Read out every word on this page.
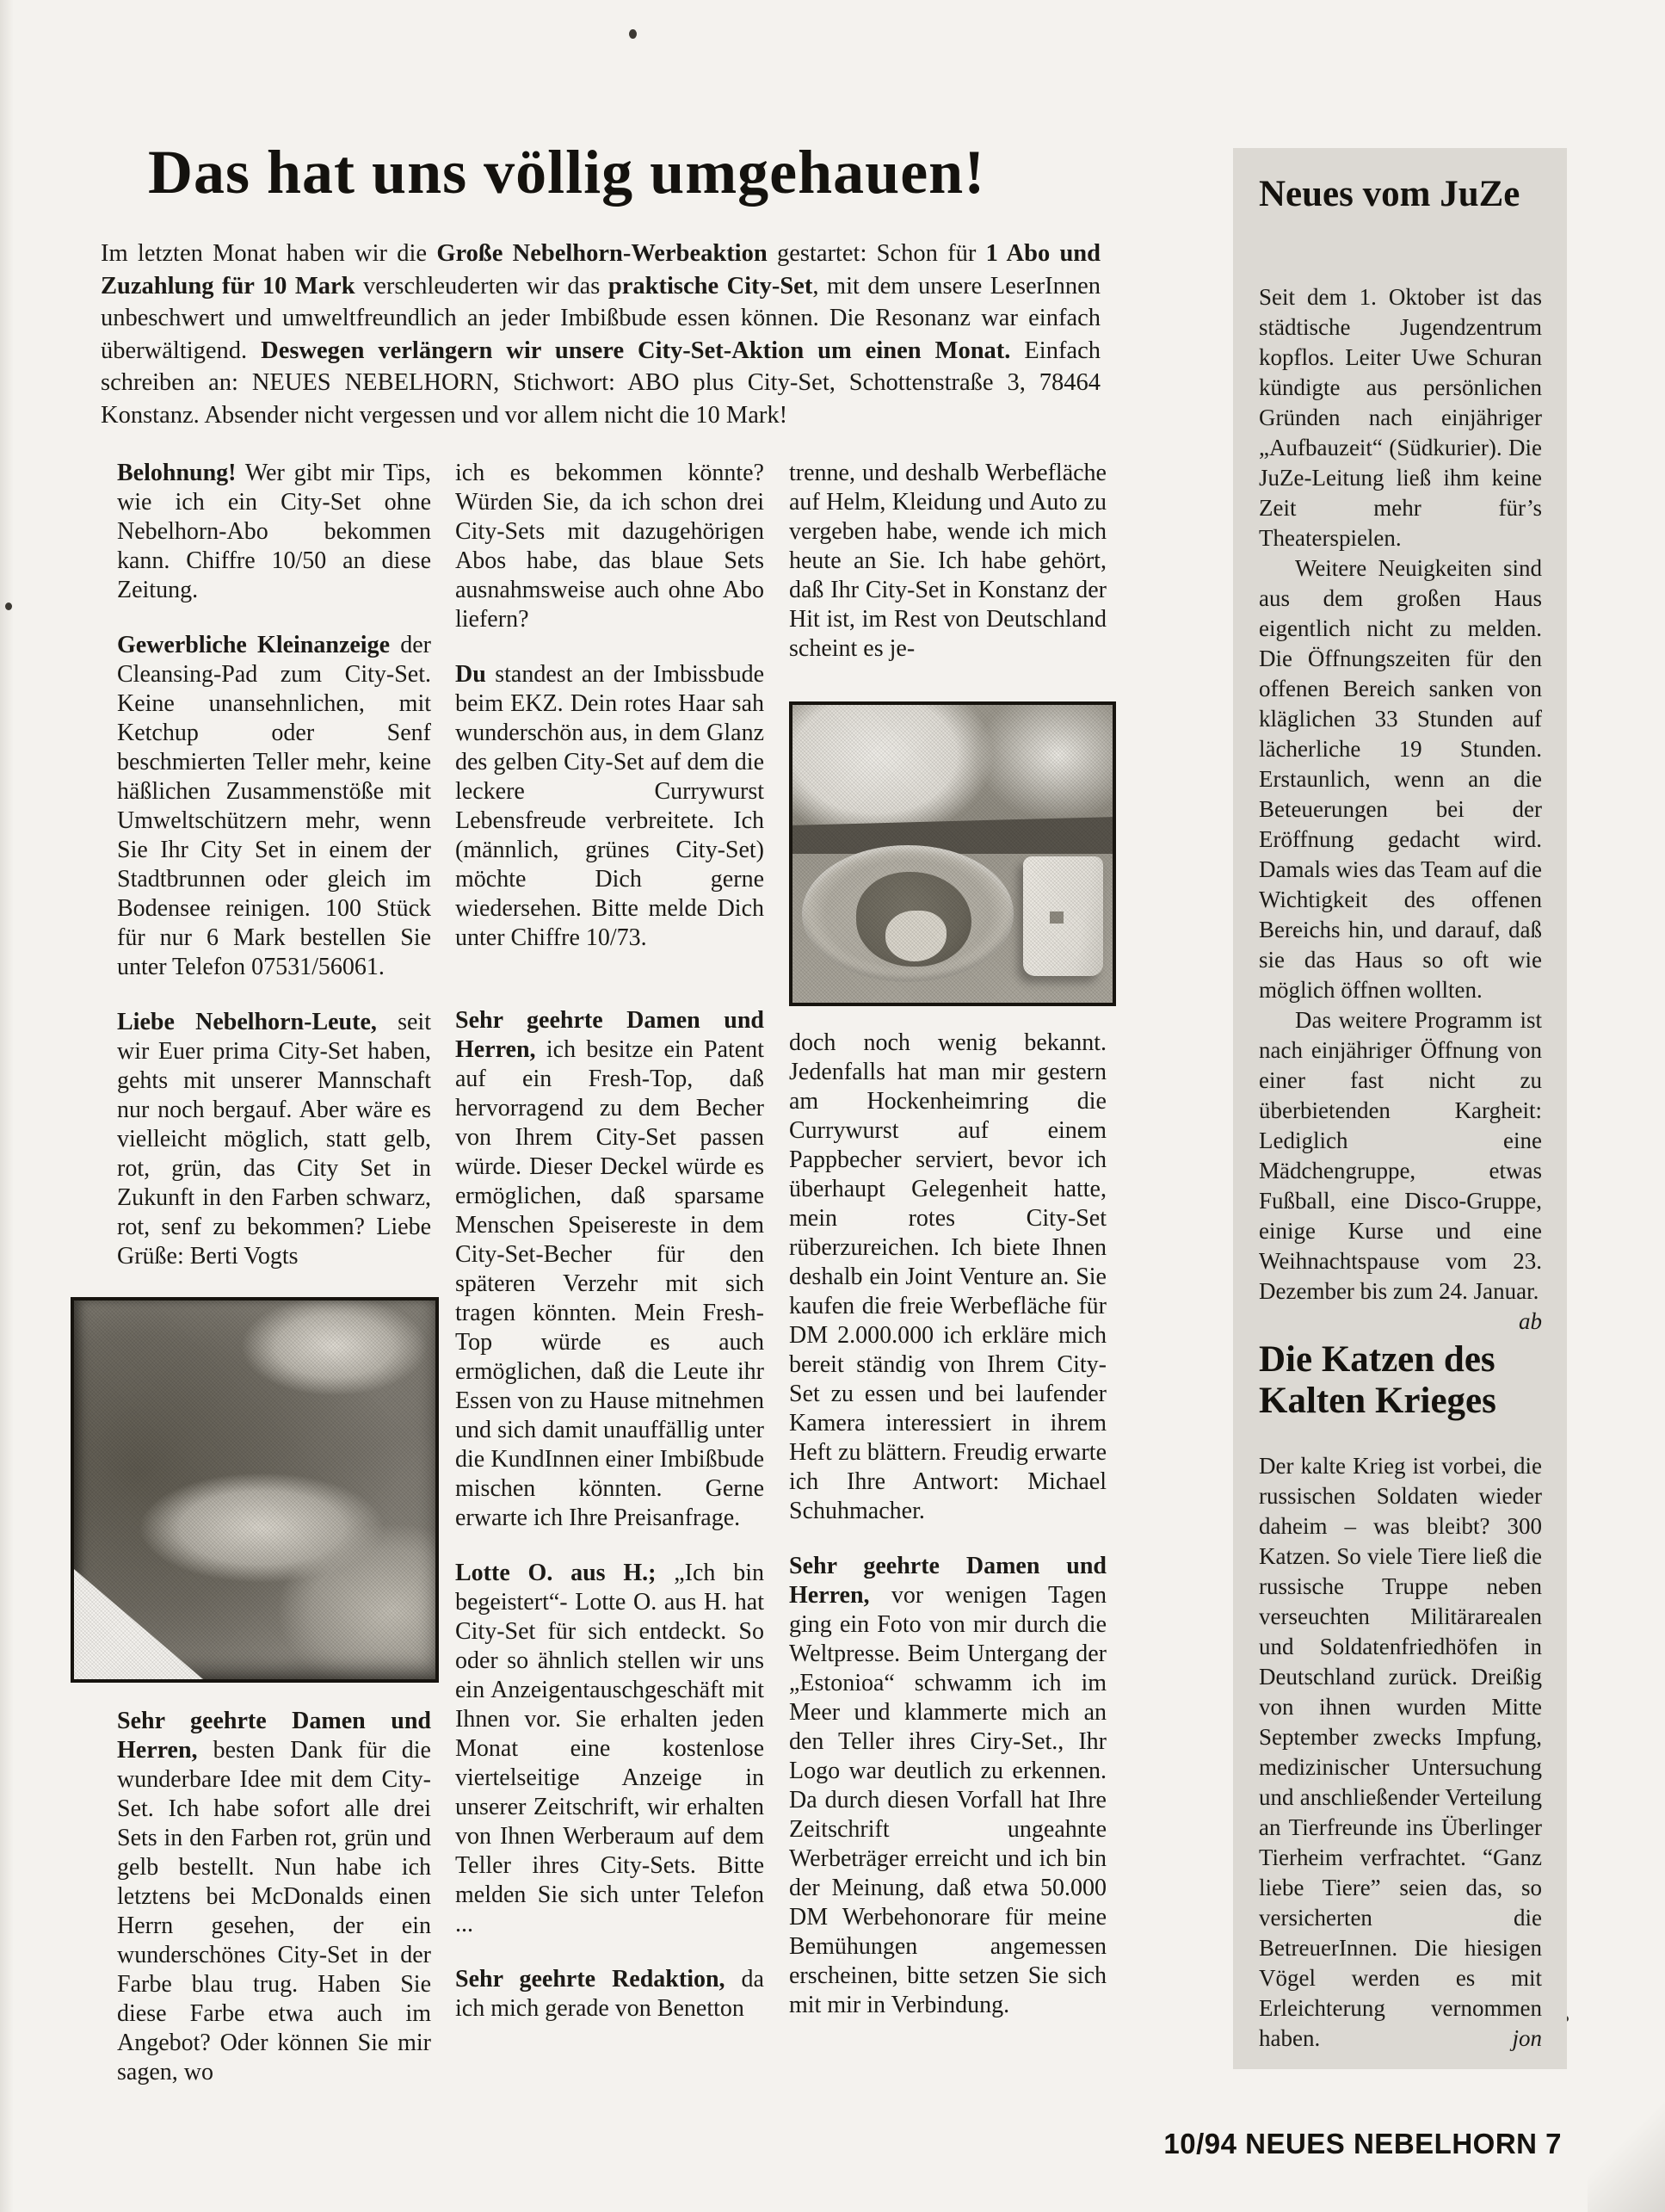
Das hat uns völlig umgehauen!

Im letzten Monat haben wir die Große Nebelhorn-Werbeaktion gestartet: Schon für 1 Abo und Zuzahlung für 10 Mark verschleuderten wir das praktische City-Set, mit dem unsere LeserInnen unbeschwert und umweltfreundlich an jeder Imbißbude essen können. Die Resonanz war einfach überwältigend. Deswegen verlängern wir unsere City-Set-Aktion um einen Monat. Einfach schreiben an: NEUES NEBELHORN, Stichwort: ABO plus City-Set, Schottenstraße 3, 78464 Konstanz. Absender nicht vergessen und vor allem nicht die 10 Mark!

Belohnung! Wer gibt mir Tips, wie ich ein City-Set ohne Nebelhorn-Abo bekommen kann. Chiffre 10/50 an diese Zeitung.

Gewerbliche Kleinanzeige der Cleansing-Pad zum City-Set. Keine unansehnlichen, mit Ketchup oder Senf beschmierten Teller mehr, keine häßlichen Zusammenstöße mit Umweltschützern mehr, wenn Sie Ihr City Set in einem der Stadtbrunnen oder gleich im Bodensee reinigen. 100 Stück für nur 6 Mark bestellen Sie unter Telefon 07531/56061.

Liebe Nebelhorn-Leute, seit wir Euer prima City-Set haben, gehts mit unserer Mannschaft nur noch bergauf. Aber wäre es vielleicht möglich, statt gelb, rot, grün, das City Set in Zukunft in den Farben schwarz, rot, senf zu bekommen? Liebe Grüße: Berti Vogts

Sehr geehrte Damen und Herren, besten Dank für die wunderbare Idee mit dem City-Set. Ich habe sofort alle drei Sets in den Farben rot, grün und gelb bestellt. Nun habe ich letztens bei McDonalds einen Herrn gesehen, der ein wunderschönes City-Set in der Farbe blau trug. Haben Sie diese Farbe etwa auch im Angebot? Oder können Sie mir sagen, wo

ich es bekommen könnte? Würden Sie, da ich schon drei City-Sets mit dazugehörigen Abos habe, das blaue Sets ausnahmsweise auch ohne Abo liefern?

Du standest an der Imbissbude beim EKZ. Dein rotes Haar sah wunderschön aus, in dem Glanz des gelben City-Set auf dem die leckere Currywurst Lebensfreude verbreitete. Ich (männlich, grünes City-Set) möchte Dich gerne wiedersehen. Bitte melde Dich unter Chiffre 10/73.

Sehr geehrte Damen und Herren, ich besitze ein Patent auf ein Fresh-Top, daß hervorragend zu dem Becher von Ihrem City-Set passen würde. Dieser Deckel würde es ermöglichen, daß sparsame Menschen Speisereste in dem City-Set-Becher für den späteren Verzehr mit sich tragen könnten. Mein Fresh-Top würde es auch ermöglichen, daß die Leute ihr Essen von zu Hause mitnehmen und sich damit unauffällig unter die KundInnen einer Imbißbude mischen könnten. Gerne erwarte ich Ihre Preisanfrage.

Lotte O. aus H.; „Ich bin begeistert“- Lotte O. aus H. hat City-Set für sich entdeckt. So oder so ähnlich stellen wir uns ein Anzeigentauschgeschäft mit Ihnen vor. Sie erhalten jeden Monat eine kostenlose viertelseitige Anzeige in unserer Zeitschrift, wir erhalten von Ihnen Werberaum auf dem Teller ihres City-Sets. Bitte melden Sie sich unter Telefon ...

Sehr geehrte Redaktion, da ich mich gerade von Benetton

trenne, und deshalb Werbefläche auf Helm, Kleidung und Auto zu vergeben habe, wende ich mich heute an Sie. Ich habe gehört, daß Ihr City-Set in Konstanz der Hit ist, im Rest von Deutschland scheint es je-

doch noch wenig bekannt. Jedenfalls hat man mir gestern am Hockenheimring die Currywurst auf einem Pappbecher serviert, bevor ich überhaupt Gelegenheit hatte, mein rotes City-Set rüberzureichen. Ich biete Ihnen deshalb ein Joint Venture an. Sie kaufen die freie Werbefläche für DM 2.000.000 ich erkläre mich bereit ständig von Ihrem City-Set zu essen und bei laufender Kamera interessiert in ihrem Heft zu blättern. Freudig erwarte ich Ihre Antwort: Michael Schuhmacher.

Sehr geehrte Damen und Herren, vor wenigen Tagen ging ein Foto von mir durch die Weltpresse. Beim Untergang der „Estonioa“ schwamm ich im Meer und klammerte mich an den Teller ihres Ciry-Set., Ihr Logo war deutlich zu erkennen. Da durch diesen Vorfall hat Ihre Zeitschrift ungeahnte Werbeträger erreicht und ich bin der Meinung, daß etwa 50.000 DM Werbehonorare für meine Bemühungen angemessen erscheinen, bitte setzen Sie sich mit mir in Verbindung.

Neues vom JuZe

Seit dem 1. Oktober ist das städtische Jugendzentrum kopflos. Leiter Uwe Schuran kündigte aus persönlichen Gründen nach einjähriger „Aufbauzeit“ (Südkurier). Die JuZe-Leitung ließ ihm keine Zeit mehr für’s Theaterspielen.

Weitere Neuigkeiten sind aus dem großen Haus eigentlich nicht zu melden. Die Öffnungszeiten für den offenen Bereich sanken von kläglichen 33 Stunden auf lächerliche 19 Stunden. Erstaunlich, wenn an die Beteuerungen bei der Eröffnung gedacht wird. Damals wies das Team auf die Wichtigkeit des offenen Bereichs hin, und darauf, daß sie das Haus so oft wie möglich öffnen wollten.

Das weitere Programm ist nach einjähriger Öffnung von einer fast nicht zu überbietenden Kargheit: Lediglich eine Mädchengruppe, etwas Fußball, eine Disco-Gruppe, einige Kurse und eine Weihnachtspause vom 23. Dezember bis zum 24. Januar.
ab

Die Katzen des Kalten Krieges

Der kalte Krieg ist vorbei, die russischen Soldaten wieder daheim – was bleibt? 300 Katzen. So viele Tiere ließ die russische Truppe neben verseuchten Militärarealen und Soldatenfriedhöfen in Deutschland zurück. Dreißig von ihnen wurden Mitte September zwecks Impfung, medizinischer Untersuchung und anschließender Verteilung an Tierfreunde ins Überlinger Tierheim verfrachtet. “Ganz liebe Tiere” seien das, so versicherten die BetreuerInnen. Die hiesigen Vögel werden es mit Erleichterung vernommen haben.	jon

10/94 NEUES NEBELHORN 7
